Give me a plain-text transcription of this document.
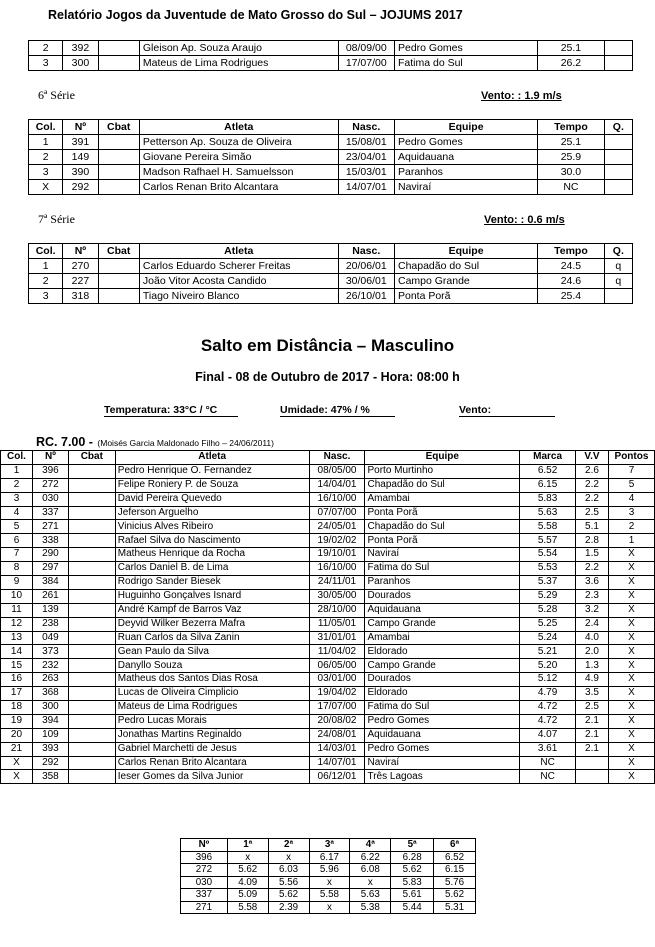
Relatório Jogos da Juventude de Mato Grosso do Sul – JOJUMS 2017
2	392		Gleison Ap. Souza Araujo	08/09/00	Pedro Gomes	25.1	
3	300		Mateus de Lima Rodrigues	17/07/00	Fatima do Sul	26.2	
6ª Série	Vento: : 1.9 m/s
Col.	Nº	Cbat	Atleta	Nasc.	Equipe	Tempo	Q.
1	391		Petterson Ap. Souza de Oliveira	15/08/01	Pedro Gomes	25.1	
2	149		Giovane Pereira Simão	23/04/01	Aquidauana	25.9	
3	390		Madson Rafhael H. Samuelsson	15/03/01	Paranhos	30.0	
X	292		Carlos Renan Brito Alcantara	14/07/01	Naviraí	NC	
7ª Série	Vento: : 0.6 m/s
Col.	Nº	Cbat	Atleta	Nasc.	Equipe	Tempo	Q.
1	270		Carlos Eduardo Scherer Freitas	20/06/01	Chapadão do Sul	24.5	q
2	227		João Vitor Acosta Candido	30/06/01	Campo Grande	24.6	q
3	318		Tiago Niveiro Blanco	26/10/01	Ponta Porã	25.4	
Salto em Distância – Masculino
Final - 08 de Outubro de 2017 - Hora: 08:00 h
Temperatura: 33°C / °C	Umidade: 47% / %	Vento:
RC. 7.00 - (Moisés Garcia Maldonado Filho – 24/06/2011)
Col.	Nº	Cbat	Atleta	Nasc.	Equipe	Marca	V.V	Pontos
1	396		Pedro Henrique O. Fernandez	08/05/00	Porto Murtinho	6.52	2.6	7
2	272		Felipe Roniery P. de Souza	14/04/01	Chapadão do Sul	6.15	2.2	5
3	030		David Pereira Quevedo	16/10/00	Amambai	5.83	2.2	4
4	337		Jeferson Arguelho	07/07/00	Ponta Porã	5.63	2.5	3
5	271		Vinicius Alves Ribeiro	24/05/01	Chapadão do Sul	5.58	5.1	2
6	338		Rafael Silva do Nascimento	19/02/02	Ponta Porã	5.57	2.8	1
7	290		Matheus Henrique da Rocha	19/10/01	Naviraí	5.54	1.5	X
8	297		Carlos Daniel B. de Lima	16/10/00	Fatima do Sul	5.53	2.2	X
9	384		Rodrigo Sander Biesek	24/11/01	Paranhos	5.37	3.6	X
10	261		Huguinho Gonçalves Isnard	30/05/00	Dourados	5.29	2.3	X
11	139		André Kampf de Barros Vaz	28/10/00	Aquidauana	5.28	3.2	X
12	238		Deyvid Wilker Bezerra Mafra	11/05/01	Campo Grande	5.25	2.4	X
13	049		Ruan Carlos da Silva Zanin	31/01/01	Amambai	5.24	4.0	X
14	373		Gean Paulo da Silva	11/04/02	Eldorado	5.21	2.0	X
15	232		Danyllo Souza	06/05/00	Campo Grande	5.20	1.3	X
16	263		Matheus dos Santos Dias Rosa	03/01/00	Dourados	5.12	4.9	X
17	368		Lucas de Oliveira Cimplicio	19/04/02	Eldorado	4.79	3.5	X
18	300		Mateus de Lima Rodrigues	17/07/00	Fatima do Sul	4.72	2.5	X
19	394		Pedro Lucas Morais	20/08/02	Pedro Gomes	4.72	2.1	X
20	109		Jonathas Martins Reginaldo	24/08/01	Aquidauana	4.07	2.1	X
21	393		Gabriel Marchetti de Jesus	14/03/01	Pedro Gomes	3.61	2.1	X
X	292		Carlos Renan Brito Alcantara	14/07/01	Naviraí	NC		X
X	358		Ieser Gomes da Silva Junior	06/12/01	Três Lagoas	NC		X
Nº	1ª	2ª	3ª	4ª	5ª	6ª
396	x	x	6.17	6.22	6.28	6.52
272	5.62	6.03	5.96	6.08	5.62	6.15
030	4.09	5.56	x	x	5.83	5.76
337	5.09	5.62	5.58	5.63	5.61	5.62
271	5.58	2.39	x	5.38	5.44	5.31
